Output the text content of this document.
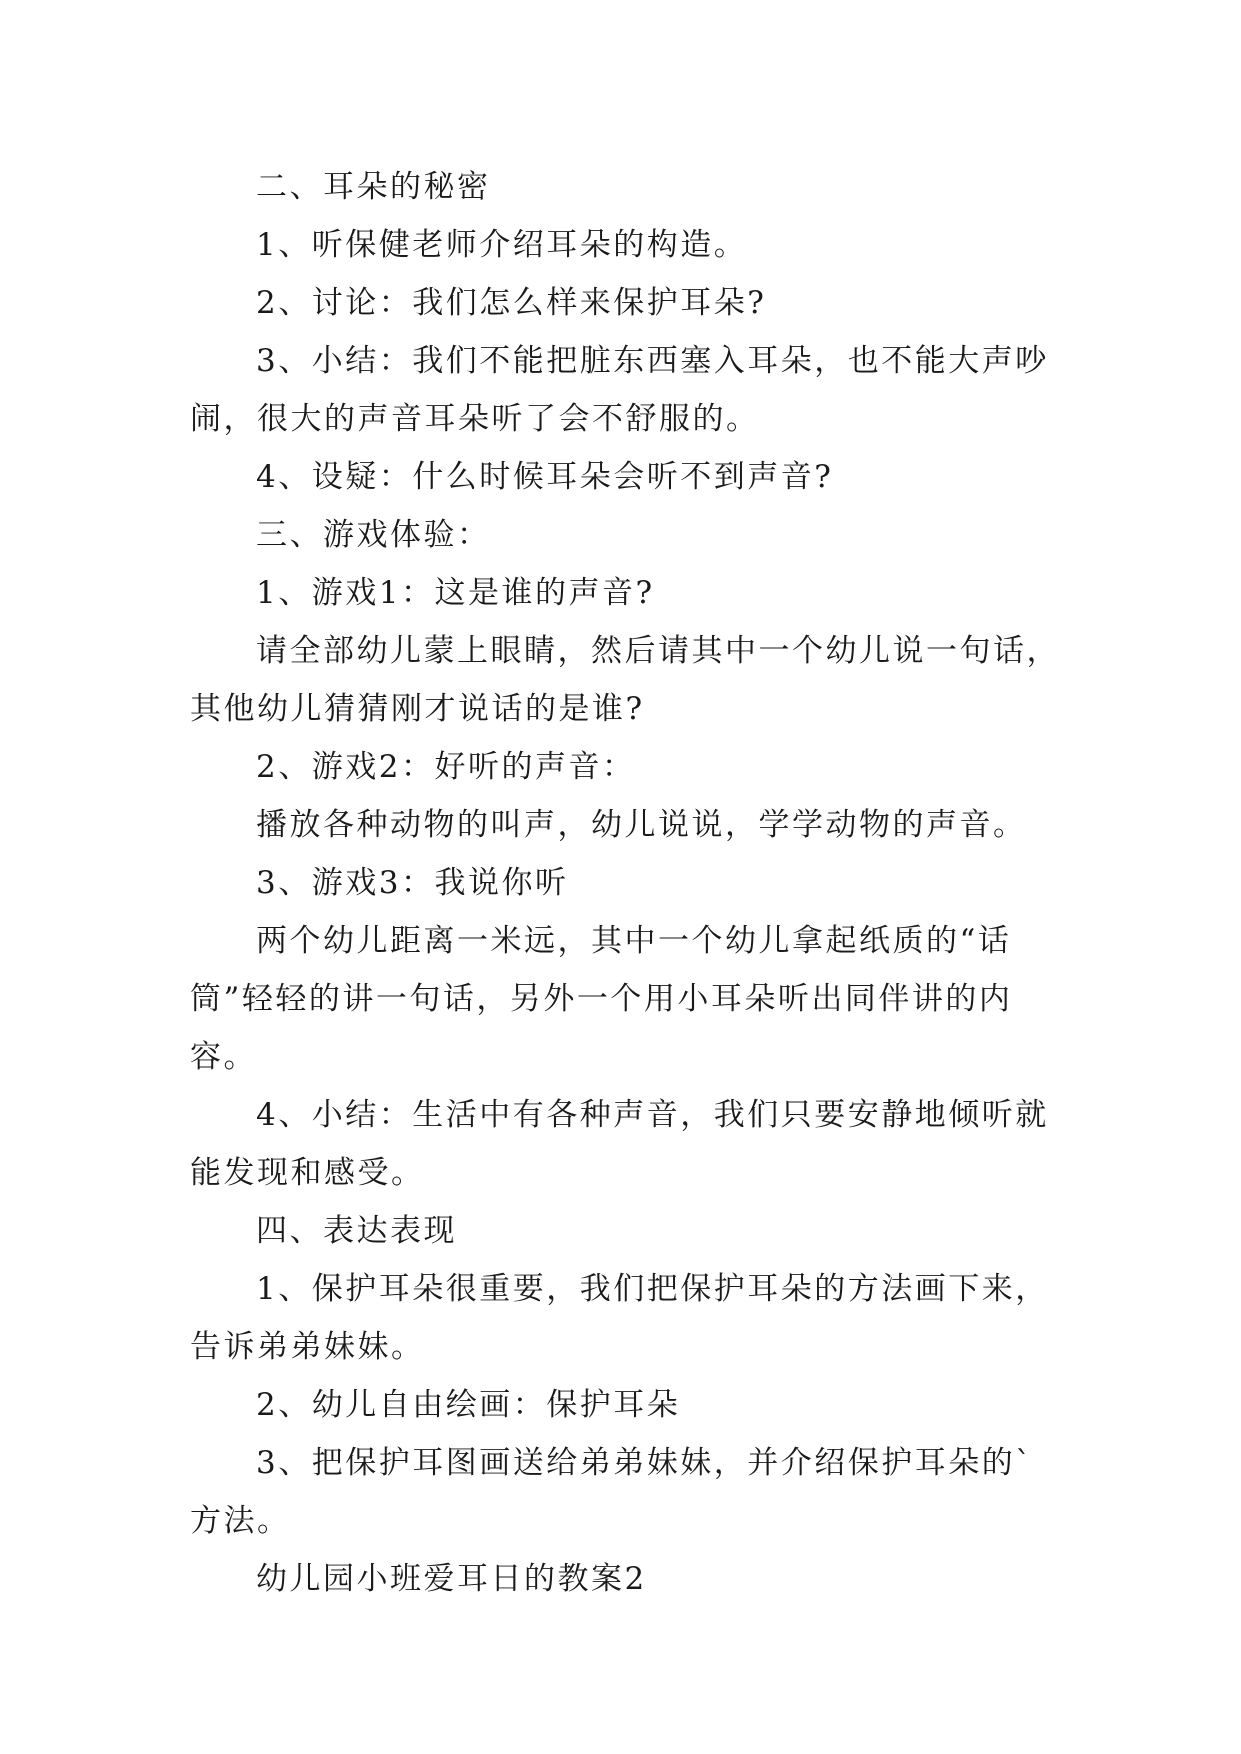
二、耳朵的秘密

1、听保健老师介绍耳朵的构造。

2、讨论：我们怎么样来保护耳朵?

3、小结：我们不能把脏东西塞入耳朵，也不能大声吵闹，很大的声音耳朵听了会不舒服的。

4、设疑：什么时候耳朵会听不到声音?

三、游戏体验：

1、游戏1：这是谁的声音?

请全部幼儿蒙上眼睛，然后请其中一个幼儿说一句话，其他幼儿猜猜刚才说话的是谁?

2、游戏2：好听的声音：

播放各种动物的叫声，幼儿说说，学学动物的声音。

3、游戏3：我说你听

两个幼儿距离一米远，其中一个幼儿拿起纸质的“话筒”轻轻的讲一句话，另外一个用小耳朵听出同伴讲的内容。

4、小结：生活中有各种声音，我们只要安静地倾听就能发现和感受。

四、表达表现

1、保护耳朵很重要，我们把保护耳朵的方法画下来，告诉弟弟妹妹。

2、幼儿自由绘画：保护耳朵

3、把保护耳图画送给弟弟妹妹，并介绍保护耳朵的`方法。

幼儿园小班爱耳日的教案2
